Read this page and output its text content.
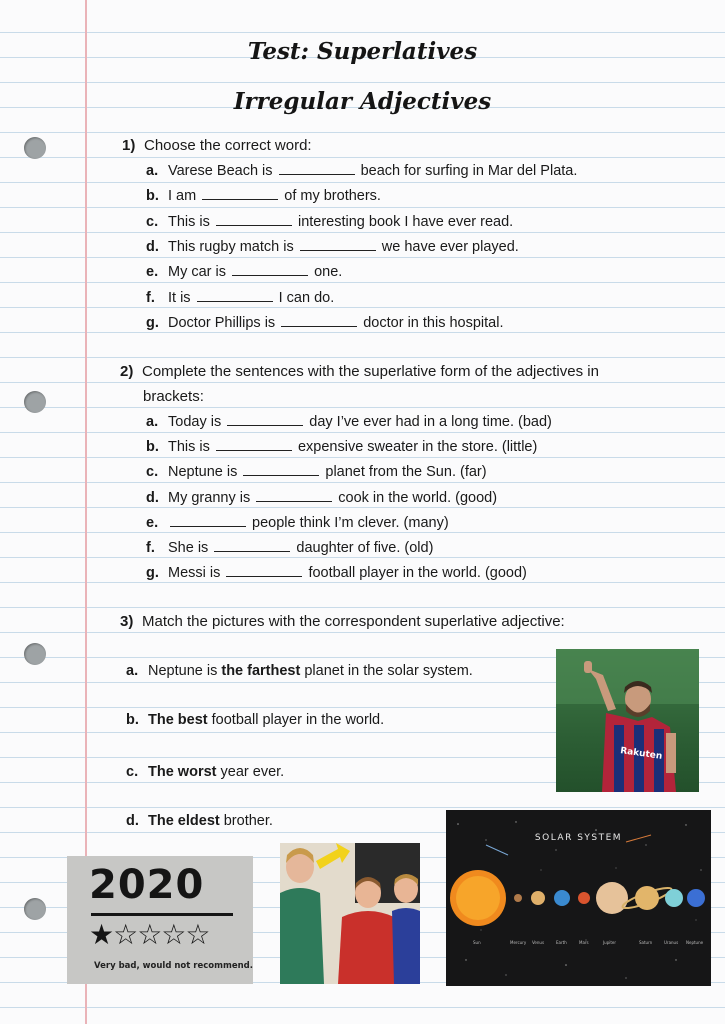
Test: Superlatives
Irregular Adjectives
1) Choose the correct word:
a. Varese Beach is	beach for surfing in Mar del Plata.
b. I am	of my brothers.
c. This is	interesting book I have ever read.
d. This rugby match is	we have ever played.
e. My car is	one.
f. It is	I can do.
g. Doctor Phillips is	doctor in this hospital.
2) Complete the sentences with the superlative form of the adjectives in
brackets:
a. Today is	day I’ve ever had in a long time. (bad)
b. This is	expensive sweater in the store. (little)
c. Neptune is	planet from the Sun. (far)
d. My granny is	cook in the world. (good)
e.	people think I’m clever. (many)
f. She is	daughter of five. (old)
g. Messi is	football player in the world. (good)
3) Match the pictures with the correspondent superlative adjective:
a. Neptune is the farthest planet in the solar system.
b. The best football player in the world.
c. The worst year ever.
d. The eldest brother.
Rakuten
2020
★☆☆☆☆
Very bad, would not recommend.
SOLAR SYSTEM
Sun	Mercury Venus	Earth	Mars	Jupiter	Saturn	Uranus Neptune
